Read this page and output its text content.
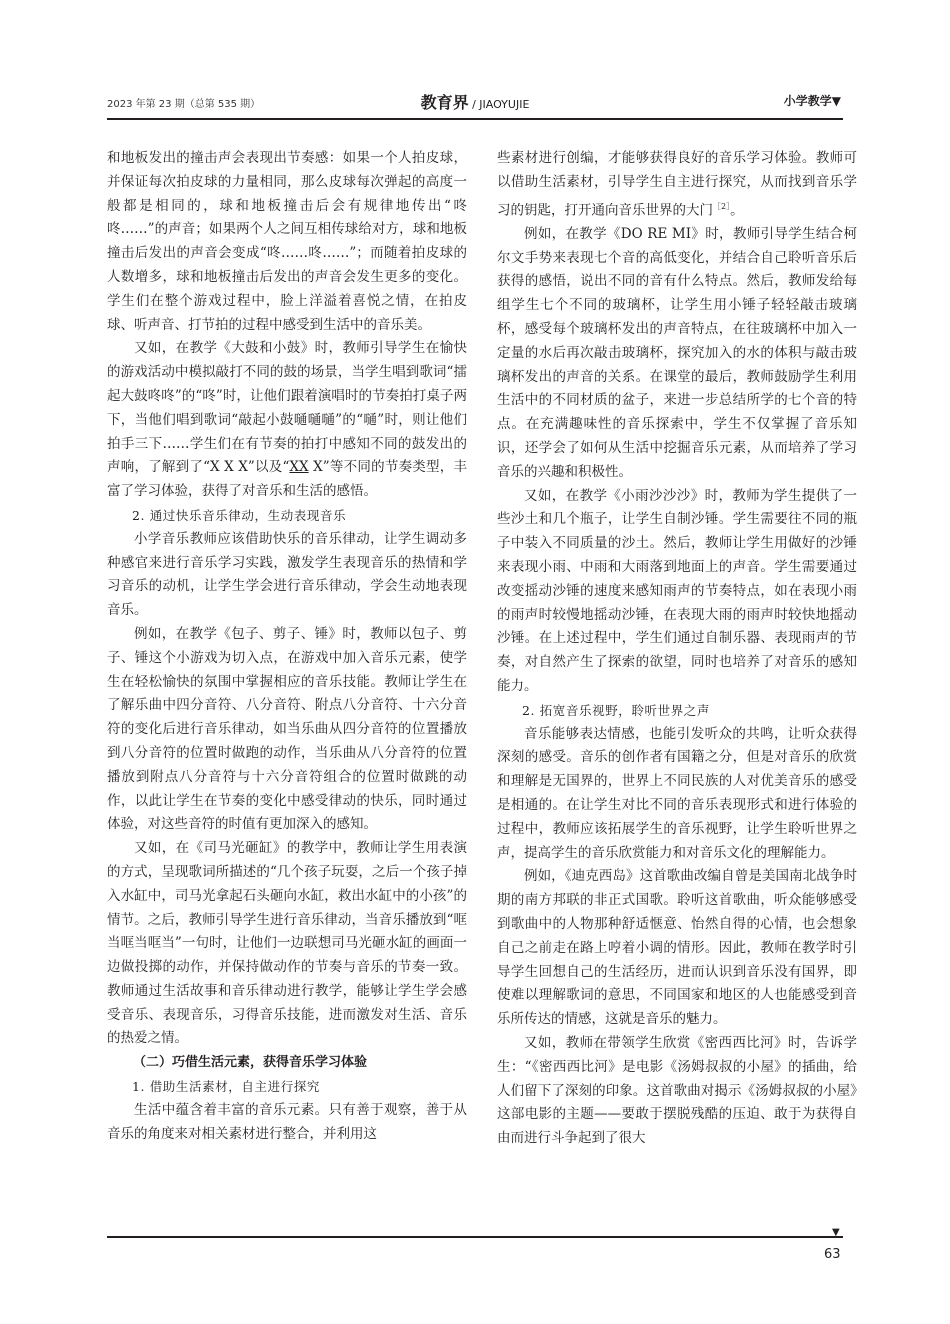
2023 年第 23 期（总第 535 期）	教育界 / JIAOYUJIE	小学教学▼

和地板发出的撞击声会表现出节奏感：如果一个人拍皮球，并保证每次拍皮球的力量相同，那么皮球每次弹起的高度一般都是相同的，球和地板撞击后会有规律地传出“咚咚……”的声音；如果两个人之间互相传球给对方，球和地板撞击后发出的声音会变成“咚……咚……”；而随着拍皮球的人数增多，球和地板撞击后发出的声音会发生更多的变化。学生们在整个游戏过程中，脸上洋溢着喜悦之情，在拍皮球、听声音、打节拍的过程中感受到生活中的音乐美。

又如，在教学《大鼓和小鼓》时，教师引导学生在愉快的游戏活动中模拟敲打不同的鼓的场景，当学生唱到歌词“擂起大鼓咚咚”的“咚”时，让他们跟着演唱时的节奏拍打桌子两下，当他们唱到歌词“敲起小鼓嗵嗵嗵”的“嗵”时，则让他们拍手三下……学生们在有节奏的拍打中感知不同的鼓发出的声响，了解到了“X X X”以及“XX X”等不同的节奏类型，丰富了学习体验，获得了对音乐和生活的感悟。

2. 通过快乐音乐律动，生动表现音乐

小学音乐教师应该借助快乐的音乐律动，让学生调动多种感官来进行音乐学习实践，激发学生表现音乐的热情和学习音乐的动机，让学生学会进行音乐律动，学会生动地表现音乐。

例如，在教学《包子、剪子、锤》时，教师以包子、剪子、锤这个小游戏为切入点，在游戏中加入音乐元素，使学生在轻松愉快的氛围中掌握相应的音乐技能。教师让学生在了解乐曲中四分音符、八分音符、附点八分音符、十六分音符的变化后进行音乐律动，如当乐曲从四分音符的位置播放到八分音符的位置时做跑的动作，当乐曲从八分音符的位置播放到附点八分音符与十六分音符组合的位置时做跳的动作，以此让学生在节奏的变化中感受律动的快乐，同时通过体验，对这些音符的时值有更加深入的感知。

又如，在《司马光砸缸》的教学中，教师让学生用表演的方式，呈现歌词所描述的“几个孩子玩耍，之后一个孩子掉入水缸中，司马光拿起石头砸向水缸，救出水缸中的小孩”的情节。之后，教师引导学生进行音乐律动，当音乐播放到“哐当哐当哐当”一句时，让他们一边联想司马光砸水缸的画面一边做投掷的动作，并保持做动作的节奏与音乐的节奏一致。教师通过生活故事和音乐律动进行教学，能够让学生学会感受音乐、表现音乐，习得音乐技能，进而激发对生活、音乐的热爱之情。

（二）巧借生活元素，获得音乐学习体验
1. 借助生活素材，自主进行探究

生活中蕴含着丰富的音乐元素。只有善于观察，善于从音乐的角度来对相关素材进行整合，并利用这

些素材进行创编，才能够获得良好的音乐学习体验。教师可以借助生活素材，引导学生自主进行探究，从而找到音乐学习的钥匙，打开通向音乐世界的大门$^{[2]}$。

例如，在教学《DO RE MI》时，教师引导学生结合柯尔文手势来表现七个音的高低变化，并结合自己聆听音乐后获得的感悟，说出不同的音有什么特点。然后，教师发给每组学生七个不同的玻璃杯，让学生用小锤子轻轻敲击玻璃杯，感受每个玻璃杯发出的声音特点，在往玻璃杯中加入一定量的水后再次敲击玻璃杯，探究加入的水的体积与敲击玻璃杯发出的声音的关系。在课堂的最后，教师鼓励学生利用生活中的不同材质的盆子，来进一步总结所学的七个音的特点。在充满趣味性的音乐探索中，学生不仅掌握了音乐知识，还学会了如何从生活中挖掘音乐元素，从而培养了学习音乐的兴趣和积极性。

又如，在教学《小雨沙沙沙》时，教师为学生提供了一些沙土和几个瓶子，让学生自制沙锤。学生需要往不同的瓶子中装入不同质量的沙土。然后，教师让学生用做好的沙锤来表现小雨、中雨和大雨落到地面上的声音。学生需要通过改变摇动沙锤的速度来感知雨声的节奏特点，如在表现小雨的雨声时较慢地摇动沙锤，在表现大雨的雨声时较快地摇动沙锤。在上述过程中，学生们通过自制乐器、表现雨声的节奏，对自然产生了探索的欲望，同时也培养了对音乐的感知能力。

2. 拓宽音乐视野，聆听世界之声

音乐能够表达情感，也能引发听众的共鸣，让听众获得深刻的感受。音乐的创作者有国籍之分，但是对音乐的欣赏和理解是无国界的，世界上不同民族的人对优美音乐的感受是相通的。在让学生对比不同的音乐表现形式和进行体验的过程中，教师应该拓展学生的音乐视野，让学生聆听世界之声，提高学生的音乐欣赏能力和对音乐文化的理解能力。

例如，《迪克西岛》这首歌曲改编自曾是美国南北战争时期的南方邦联的非正式国歌。聆听这首歌曲，听众能够感受到歌曲中的人物那种舒适惬意、怡然自得的心情，也会想象自己之前走在路上哼着小调的情形。因此，教师在教学时引导学生回想自己的生活经历，进而认识到音乐没有国界，即使难以理解歌词的意思，不同国家和地区的人也能感受到音乐所传达的情感，这就是音乐的魅力。

又如，教师在带领学生欣赏《密西西比河》时，告诉学生：“《密西西比河》是电影《汤姆叔叔的小屋》的插曲，给人们留下了深刻的印象。这首歌曲对揭示《汤姆叔叔的小屋》这部电影的主题——要敢于摆脱残酷的压迫、敢于为获得自由而进行斗争起到了很大

▼
63
